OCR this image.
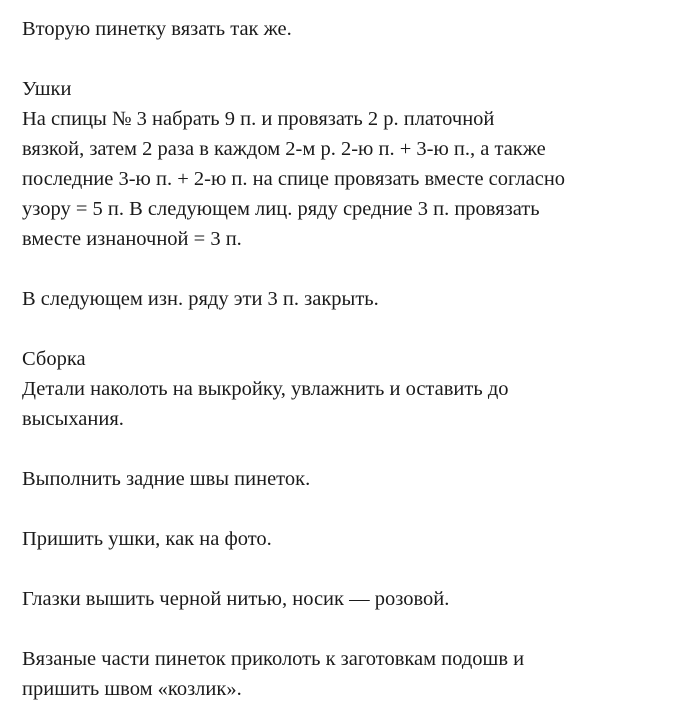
Вторую пинетку вязать так же.
Ушки
На спицы № 3 набрать 9 п. и провязать 2 р. платочной
вязкой, затем 2 раза в каждом 2-м р. 2-ю п. + 3-ю п., а также
последние 3-ю п. + 2-ю п. на спице провязать вместе согласно
узору = 5 п. В следующем лиц. ряду средние 3 п. провязать
вместе изнаночной = 3 п.
В следующем изн. ряду эти 3 п. закрыть.
Сборка
Детали наколоть на выкройку, увлажнить и оставить до
высыхания.
Выполнить задние швы пинеток.
Пришить ушки, как на фото.
Глазки вышить черной нитью, носик — розовой.
Вязаные части пинеток приколоть к заготовкам подошв и
пришить швом «козлик».
